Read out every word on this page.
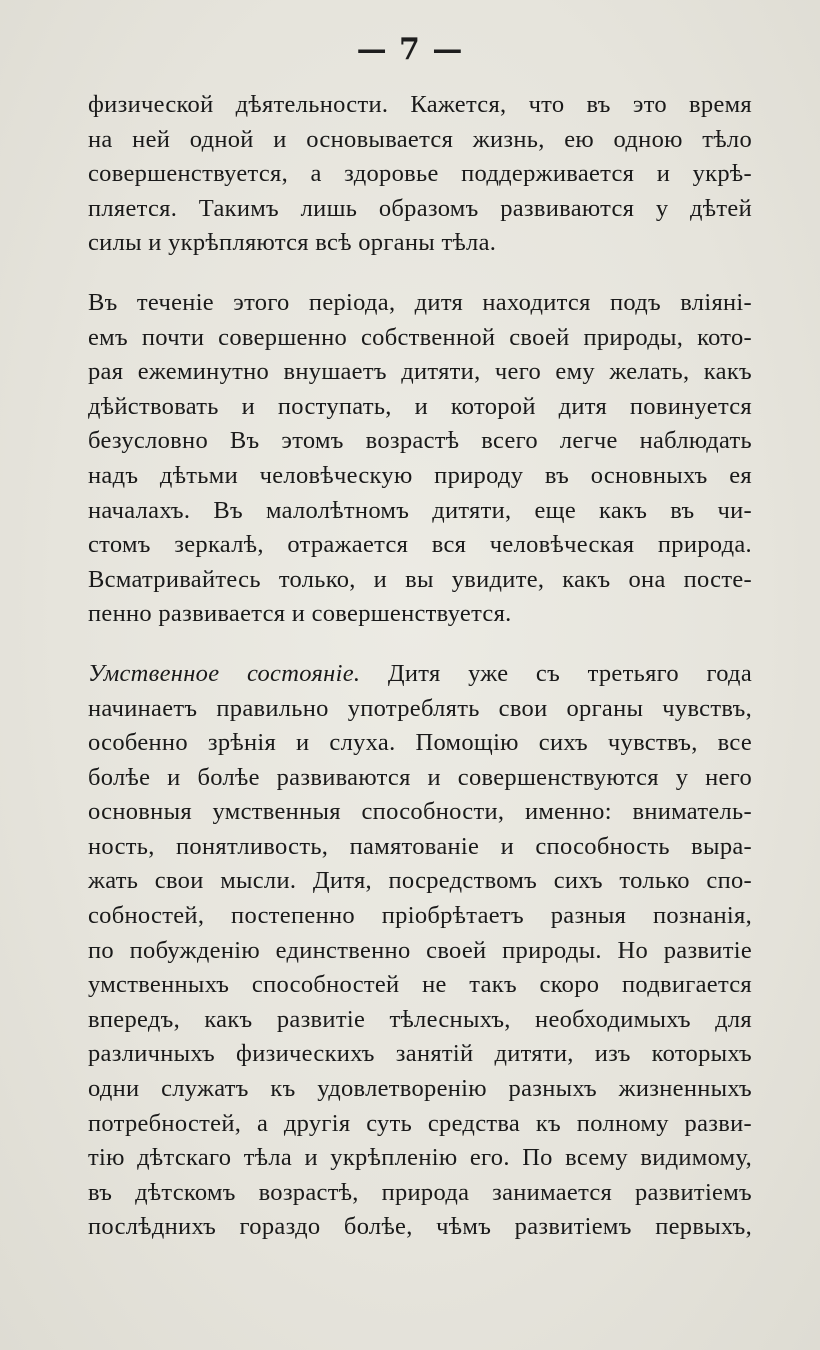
— 7 —
физической дѣятельности. Кажется, что въ это время
на ней одной и основывается жизнь, ею одною тѣло
совершенствуется, а здоровье поддерживается и укрѣ-
пляется. Такимъ лишь образомъ развиваются у дѣтей
силы и укрѣпляются всѣ органы тѣла.
Въ теченіе этого періода, дитя находится подъ вліяні-
емъ почти совершенно собственной своей природы, кото-
рая ежеминутно внушаетъ дитяти, чего ему желать, какъ
дѣйствовать и поступать, и которой дитя повинуется
безусловно Въ этомъ возрастѣ всего легче наблюдать
надъ дѣтьми человѣческую природу въ основныхъ ея
началахъ. Въ малолѣтномъ дитяти, еще какъ въ чи-
стомъ зеркалѣ, отражается вся человѣческая природа.
Всматривайтесь только, и вы увидите, какъ она посте-
пенно развивается и совершенствуется.
Умственное состояніе. Дитя уже съ третьяго года
начинаетъ правильно употреблять свои органы чувствъ,
особенно зрѣнія и слуха. Помощію сихъ чувствъ, все
болѣе и болѣе развиваются и совершенствуются у него
основныя умственныя способности, именно: вниматель-
ность, понятливость, памятованіе и способность выра-
жать свои мысли. Дитя, посредствомъ сихъ только спо-
собностей, постепенно пріобрѣтаетъ разныя познанія,
по побужденію единственно своей природы. Но развитіе
умственныхъ способностей не такъ скоро подвигается
впередъ, какъ развитіе тѣлесныхъ, необходимыхъ для
различныхъ физическихъ занятій дитяти, изъ которыхъ
одни служатъ къ удовлетворенію разныхъ жизненныхъ
потребностей, а другія суть средства къ полному разви-
тію дѣтскаго тѣла и укрѣпленію его. По всему видимому,
въ дѣтскомъ возрастѣ, природа занимается развитіемъ
послѣднихъ гораздо болѣе, чѣмъ развитіемъ первыхъ,
